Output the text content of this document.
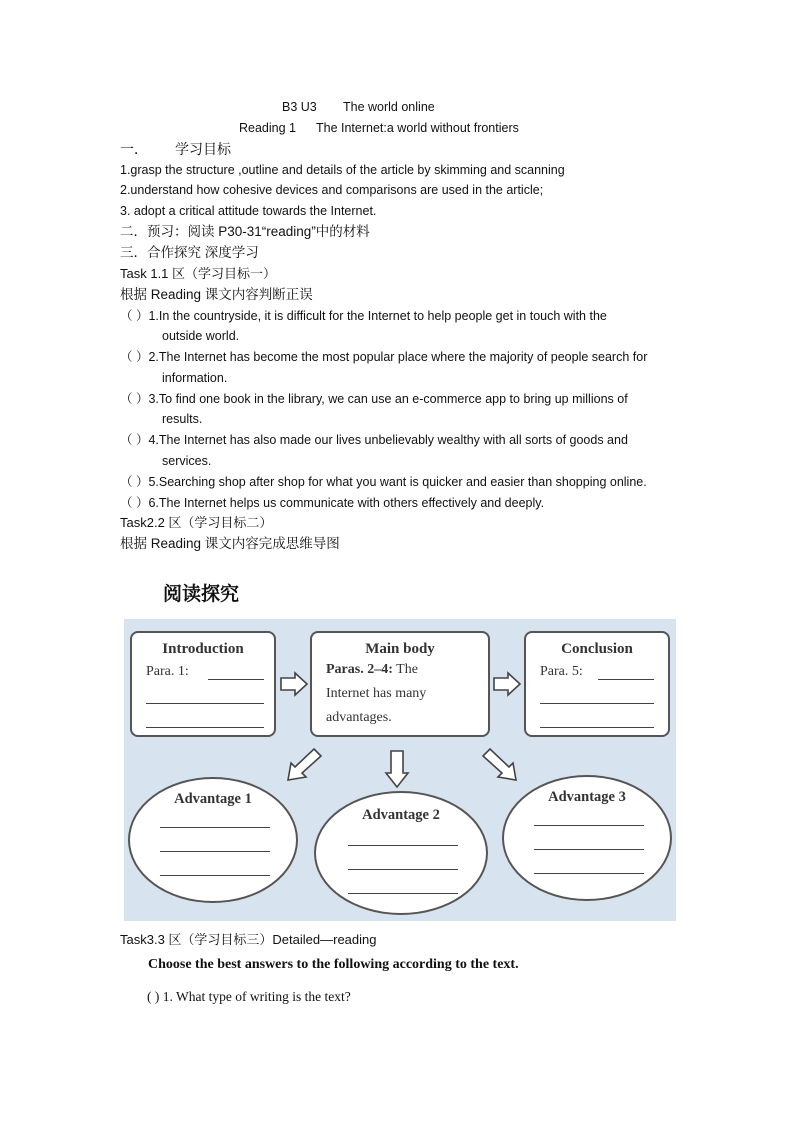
B3 U3 The world online
Reading 1 The Internet:a world without frontiers
一． 学习目标
1.grasp the structure ,outline and details of the article by skimming and scanning
2.understand how cohesive devices and comparisons are used in the article;
3. adopt a critical attitude towards the Internet.
二．预习：阅读 P30-31“reading”中的材料
三．合作探究 深度学习
Task 1.1 区（学习目标一）
根据 Reading 课文内容判断正误
（ ）1.In the countryside, it is difficult for the Internet to help people get in touch with the
outside world.
（ ）2.The Internet has become the most popular place where the majority of people search for
information.
（ ）3.To find one book in the library, we can use an e-commerce app to bring up millions of
results.
（ ）4.The Internet has also made our lives unbelievably wealthy with all sorts of goods and
services.
（ ）5.Searching shop after shop for what you want is quicker and easier than shopping online.
（ ）6.The Internet helps us communicate with others effectively and deeply.
Task2.2 区（学习目标二）
根据 Reading 课文内容完成思维导图
阅读探究
Introduction
Para. 1:
Main body
Paras. 2–4: The
Internet has many
advantages.
Conclusion
Para. 5:
Advantage 1
Advantage 2
Advantage 3
Task3.3 区（学习目标三）Detailed—reading
Choose the best answers to the following according to the text.
( ) 1. What type of writing is the text?
